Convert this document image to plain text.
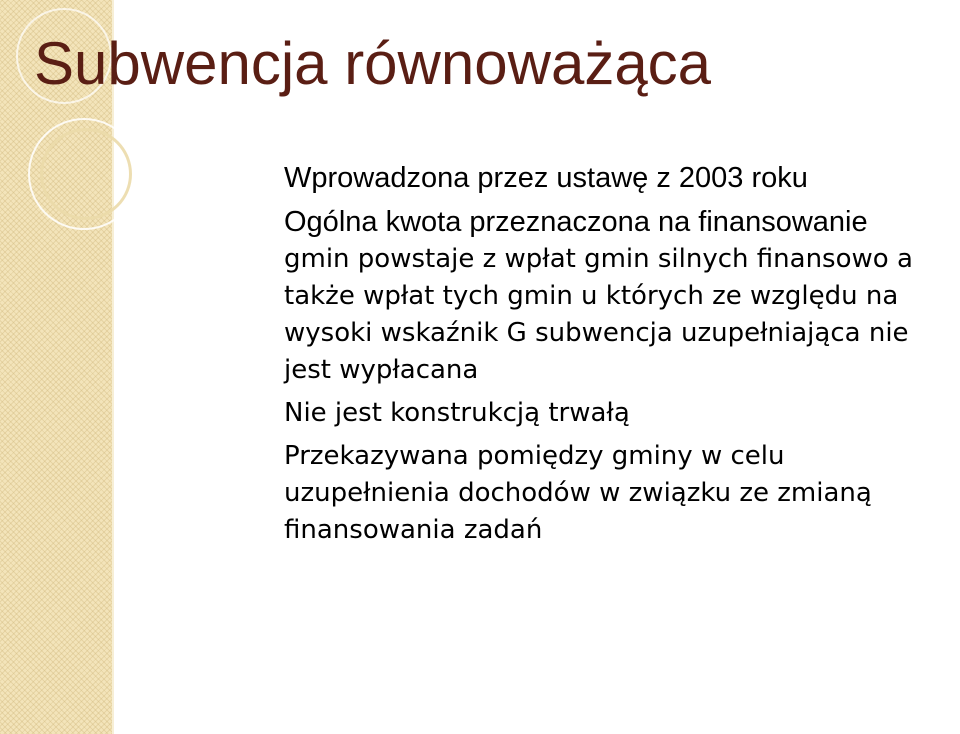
Subwencja równoważąca
Wprowadzona przez ustawę z 2003 roku
Ogólna kwota przeznaczona na finansowanie
gmin powstaje z wpłat gmin silnych finansowo a
także wpłat tych gmin u których ze względu na
wysoki wskaźnik G subwencja uzupełniająca nie
jest wypłacana
Nie jest konstrukcją trwałą
Przekazywana pomiędzy gminy w celu
uzupełnienia dochodów w związku ze zmianą
finansowania zadań
